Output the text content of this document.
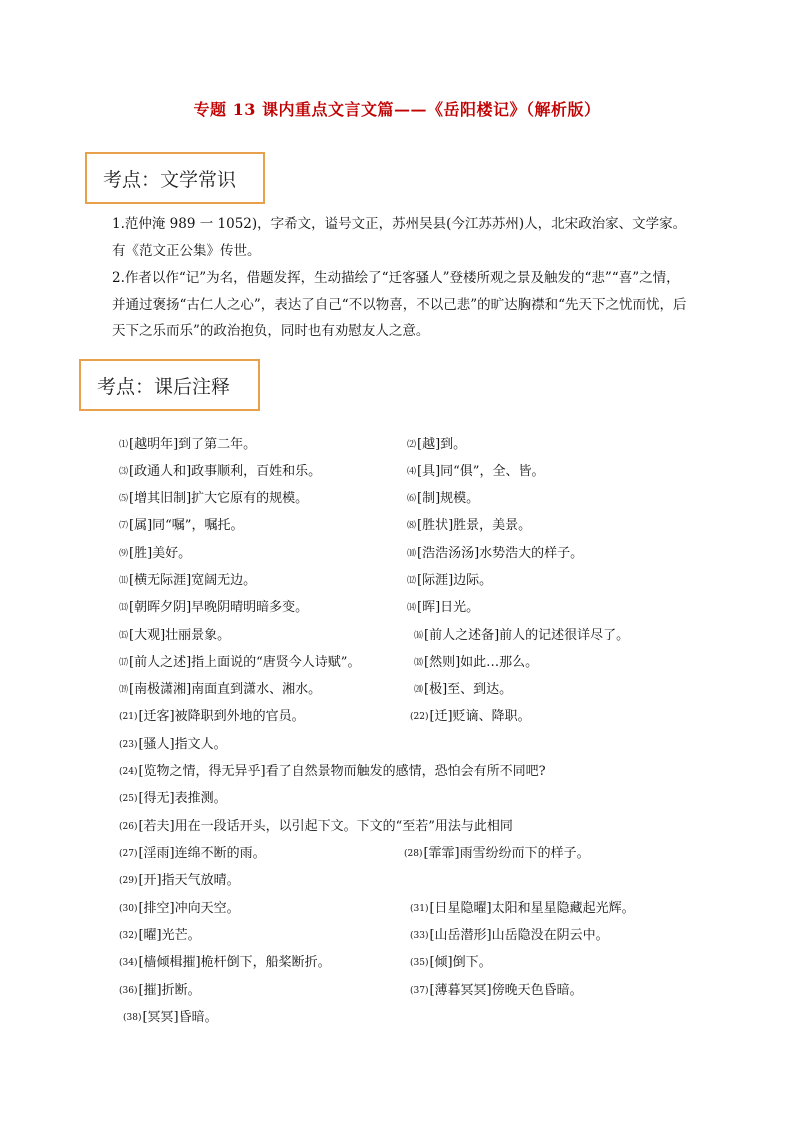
专题 13 课内重点文言文篇——《岳阳楼记》（解析版）
考点：文学常识
1.范仲淹 989 一 1052)，字希文，谥号文正，苏州吴县(今江苏苏州)人，北宋政治家、文学家。有《范文正公集》传世。
2.作者以作“记”为名，借题发挥，生动描绘了“迁客骚人”登楼所观之景及触发的“悲”“喜”之情，并通过褒扬“古仁人之心”，表达了自己“不以物喜，不以己悲”的旷达胸襟和“先天下之忧而忧，后天下之乐而乐”的政治抱负，同时也有劝慰友人之意。
考点：课后注释
⑴[越明年]到了第二年。	⑵[越]到。
⑶[政通人和]政事顺利，百姓和乐。	⑷[具]同“俱”，全、皆。
⑸[增其旧制]扩大它原有的规模。	⑹[制]规模。
⑺[属]同“嘱”，嘱托。	⑻[胜状]胜景，美景。
⑼[胜]美好。	⑽[浩浩汤汤]水势浩大的样子。
⑾[横无际涯]宽阔无边。	⑿[际涯]边际。
⒀[朝晖夕阴]早晚阴晴明暗多变。	⒁[晖]日光。
⒂[大观]壮丽景象。	⒃[前人之述备]前人的记述很详尽了。
⒄[前人之述]指上面说的“唐贤今人诗赋”。	⒅[然则]如此…那么。
⒆[南极潇湘]南面直到潇水、湘水。	⒇[极]至、到达。
(21)[迁客]被降职到外地的官员。	(22)[迁]贬谪、降职。
(23)[骚人]指文人。
(24)[览物之情，得无异乎]看了自然景物而触发的感情，恐怕会有所不同吧?
(25)[得无]表推测。
(26)[若夫]用在一段话开头，以引起下文。下文的“至若”用法与此相同
(27)[淫雨]连绵不断的雨。	(28)[霏霏]雨雪纷纷而下的样子。
(29)[开]指天气放晴。
(30)[排空]冲向天空。	(31)[日星隐曜]太阳和星星隐藏起光辉。
(32)[曜]光芒。	(33)[山岳潜形]山岳隐没在阴云中。
(34)[樯倾楫摧]桅杆倒下，船桨断折。	(35)[倾]倒下。
(36)[摧]折断。	(37)[薄暮冥冥]傍晚天色昏暗。
(38)[冥冥]昏暗。
